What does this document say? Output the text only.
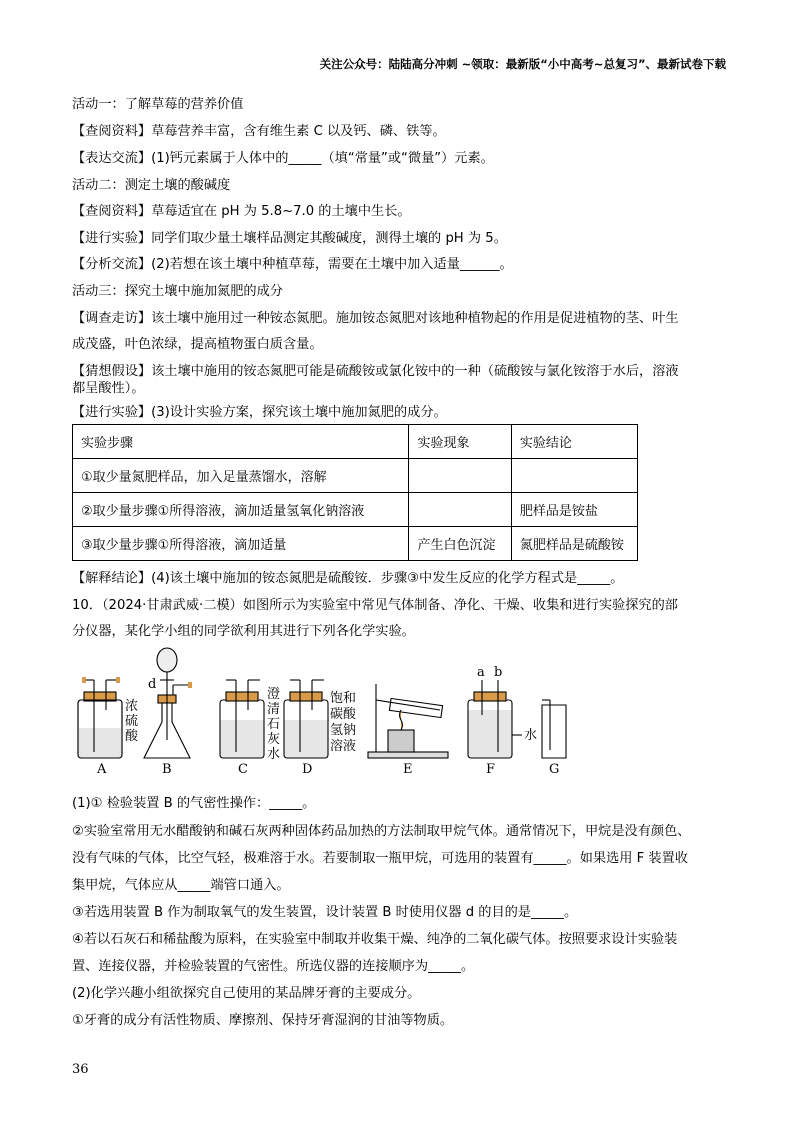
关注公众号：陆陆高分冲刺 ~领取：最新版“小中高考~总复习”、最新试卷下载
活动一：了解草莓的营养价值
【查阅资料】草莓营养丰富，含有维生素 C 以及钙、磷、铁等。
【表达交流】(1)钙元素属于人体中的_____（填“常量”或“微量”）元素。
活动二：测定土壤的酸碱度
【查阅资料】草莓适宜在 pH 为 5.8~7.0 的土壤中生长。
【进行实验】同学们取少量土壤样品测定其酸碱度，测得土壤的 pH 为 5。
【分析交流】(2)若想在该土壤中种植草莓，需要在土壤中加入适量______。
活动三：探究土壤中施加氮肥的成分
【调查走访】该土壤中施用过一种铵态氮肥。施加铵态氮肥对该地种植物起的作用是促进植物的茎、叶生
成茂盛，叶色浓绿，提高植物蛋白质含量。
【猜想假设】该土壤中施用的铵态氮肥可能是硫酸铵或氯化铵中的一种（硫酸铵与氯化铵溶于水后，溶液
都呈酸性）。
【进行实验】(3)设计实验方案，探究该土壤中施加氮肥的成分。
实验步骤	实验现象	实验结论
①取少量氮肥样品，加入足量蒸馏水，溶解		
②取少量步骤①所得溶液，滴加适量氢氧化钠溶液		肥样品是铵盐
③取少量步骤①所得溶液，滴加适量	产生白色沉淀	氮肥样品是硫酸铵
【解释结论】(4)该土壤中施加的铵态氮肥是硫酸铵．步骤③中发生反应的化学方程式是_____。
10．（2024·甘肃武威·二模）如图所示为实验室中常见气体制备、净化、干燥、收集和进行实验探究的部
分仪器，某化学小组的同学欲利用其进行下列各化学实验。
A	B	C	D	E	F	G
浓
硫
酸
澄
清
石
灰
水
饱和
碳酸
氢钠
溶液
d
a b
水
(1)① 检验装置 B 的气密性操作：_____。
②实验室常用无水醋酸钠和碱石灰两种固体药品加热的方法制取甲烷气体。通常情况下，甲烷是没有颜色、
没有气味的气体，比空气轻，极难溶于水。若要制取一瓶甲烷，可选用的装置有_____。如果选用 F 装置收
集甲烷，气体应从_____端管口通入。
③若选用装置 B 作为制取氧气的发生装置，设计装置 B 时使用仪器 d 的目的是_____。
④若以石灰石和稀盐酸为原料，在实验室中制取并收集干燥、纯净的二氧化碳气体。按照要求设计实验装
置、连接仪器，并检验装置的气密性。所选仪器的连接顺序为_____。
(2)化学兴趣小组欲探究自己使用的某品牌牙膏的主要成分。
①牙膏的成分有活性物质、摩擦剂、保持牙膏湿润的甘油等物质。
36
